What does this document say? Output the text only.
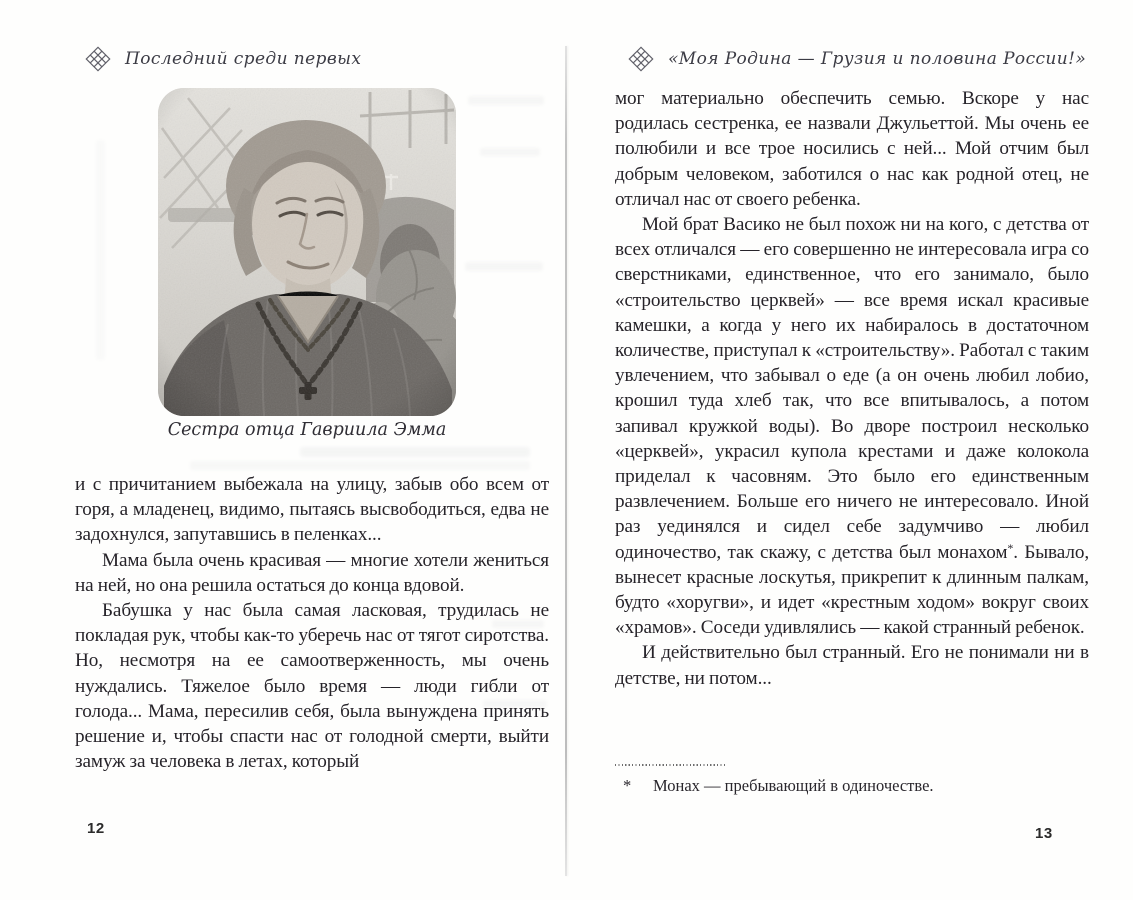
Последний среди первых
Сестра отца Гавриила Эмма

и с причитанием выбежала на улицу, забыв обо всем от горя, а младенец, видимо, пытаясь высвободиться, едва не задохнулся, запутавшись в пеленках...

Мама была очень красивая — многие хотели жениться на ней, но она решила остаться до конца вдовой.

Бабушка у нас была самая ласковая, трудилась не покладая рук, чтобы как-то уберечь нас от тягот сиротства. Но, несмотря на ее самоотверженность, мы очень нуждались. Тяжелое было время — люди гибли от голода... Мама, пересилив себя, была вынуждена принять решение и, чтобы спасти нас от голодной смерти, выйти замуж за человека в летах, который

12
«Моя Родина — Грузия и половина России!»

мог материально обеспечить семью. Вскоре у нас родилась сестренка, ее назвали Джульеттой. Мы очень ее полюбили и все трое носились с ней... Мой отчим был добрым человеком, заботился о нас как родной отец, не отличал нас от своего ребенка.

Мой брат Васико не был похож ни на кого, с детства от всех отличался — его совершенно не интересовала игра со сверстниками, единственное, что его занимало, было «строительство церквей» — все время искал красивые камешки, а когда у него их набиралось в достаточном количестве, приступал к «строительству». Работал с таким увлечением, что забывал о еде (а он очень любил лобио, крошил туда хлеб так, что все впитывалось, а потом запивал кружкой воды). Во дворе построил несколько «церквей», украсил купола крестами и даже колокола приделал к часовням. Это было его единственным развлечением. Больше его ничего не интересовало. Иной раз уединялся и сидел себе задумчиво — любил одиночество, так скажу, с детства был монахом*. Бывало, вынесет красные лоскутья, прикрепит к длинным палкам, будто «хоругви», и идет «крестным ходом» вокруг своих «храмов». Соседи удивлялись — какой странный ребенок.

И действительно был странный. Его не понимали ни в детстве, ни потом...

*	Монах — пребывающий в одиночестве.
13
